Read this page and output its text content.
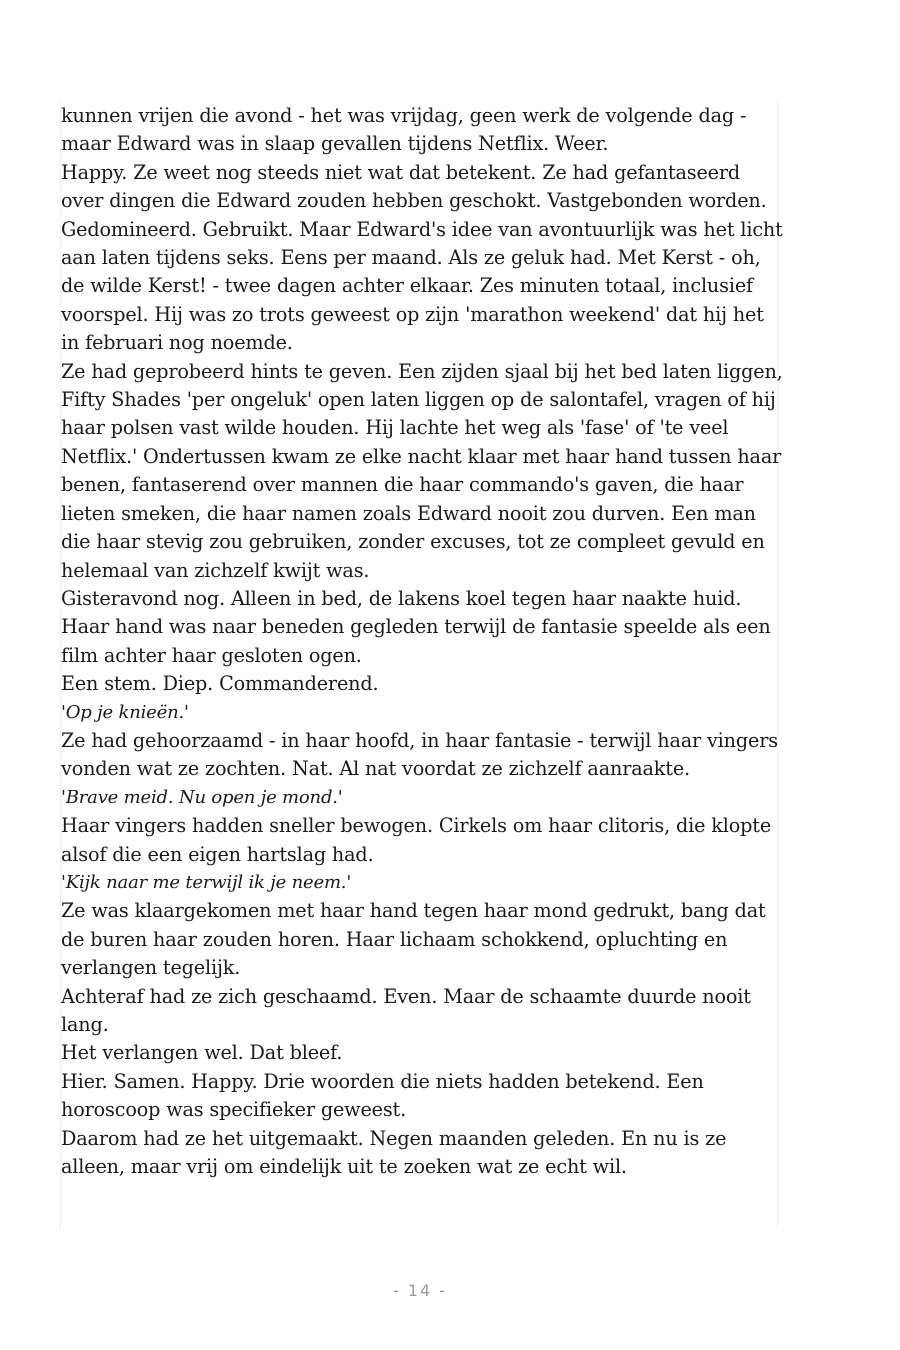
kunnen vrijen die avond - het was vrijdag, geen werk de volgende dag - maar Edward was in slaap gevallen tijdens Netflix. Weer.

Happy. Ze weet nog steeds niet wat dat betekent. Ze had gefantaseerd over dingen die Edward zouden hebben geschokt. Vastgebonden worden. Gedomineerd. Gebruikt. Maar Edward's idee van avontuurlijk was het licht aan laten tijdens seks. Eens per maand. Als ze geluk had. Met Kerst - oh, de wilde Kerst! - twee dagen achter elkaar. Zes minuten totaal, inclusief voorspel. Hij was zo trots geweest op zijn 'marathon weekend' dat hij het in februari nog noemde.

Ze had geprobeerd hints te geven. Een zijden sjaal bij het bed laten liggen, Fifty Shades 'per ongeluk' open laten liggen op de salontafel, vragen of hij haar polsen vast wilde houden. Hij lachte het weg als 'fase' of 'te veel Netflix.' Ondertussen kwam ze elke nacht klaar met haar hand tussen haar benen, fantaserend over mannen die haar commando's gaven, die haar lieten smeken, die haar namen zoals Edward nooit zou durven. Een man die haar stevig zou gebruiken, zonder excuses, tot ze compleet gevuld en helemaal van zichzelf kwijt was.

Gisteravond nog. Alleen in bed, de lakens koel tegen haar naakte huid. Haar hand was naar beneden gegleden terwijl de fantasie speelde als een film achter haar gesloten ogen.

Een stem. Diep. Commanderend.

'Op je knieën.'

Ze had gehoorzaamd - in haar hoofd, in haar fantasie - terwijl haar vingers vonden wat ze zochten. Nat. Al nat voordat ze zichzelf aanraakte.

'Brave meid. Nu open je mond.'

Haar vingers hadden sneller bewogen. Cirkels om haar clitoris, die klopte alsof die een eigen hartslag had.

'Kijk naar me terwijl ik je neem.'

Ze was klaargekomen met haar hand tegen haar mond gedrukt, bang dat de buren haar zouden horen. Haar lichaam schokkend, opluchting en verlangen tegelijk.

Achteraf had ze zich geschaamd. Even. Maar de schaamte duurde nooit lang.

Het verlangen wel. Dat bleef.

Hier. Samen. Happy. Drie woorden die niets hadden betekend. Een horoscoop was specifieker geweest.

Daarom had ze het uitgemaakt. Negen maanden geleden. En nu is ze alleen, maar vrij om eindelijk uit te zoeken wat ze echt wil.

- 14 -
